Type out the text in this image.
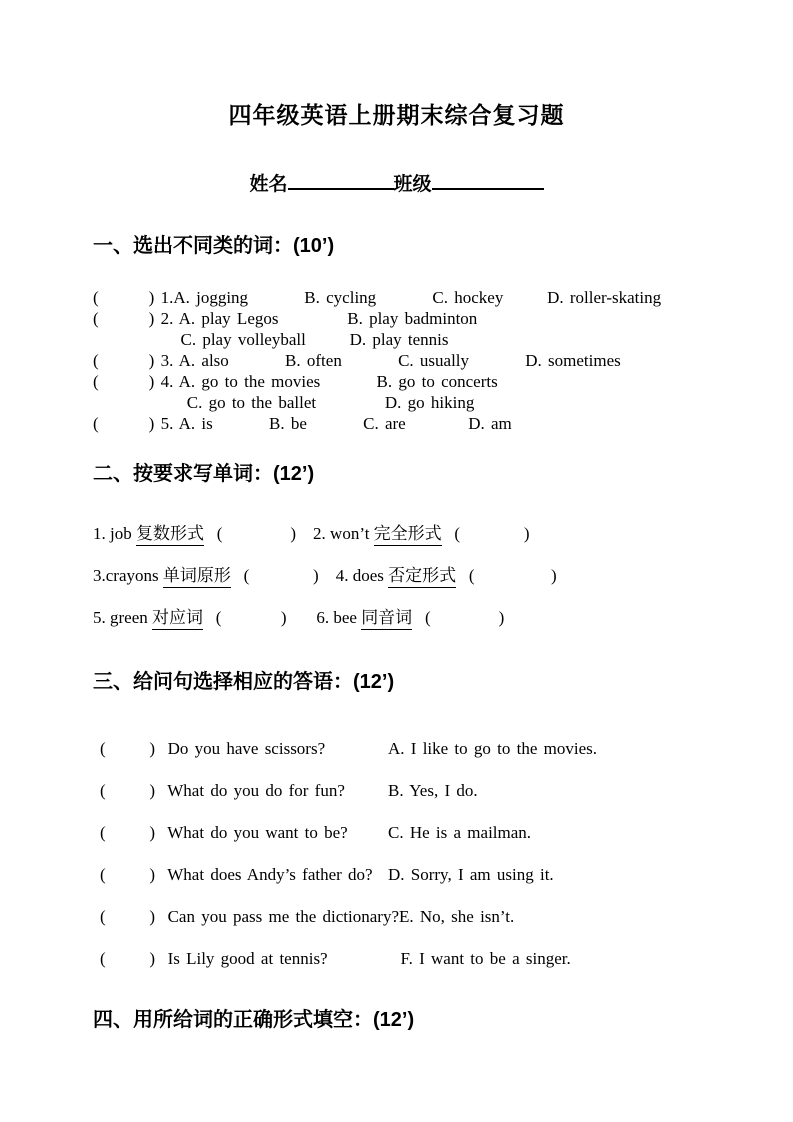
四年级英语上册期末综合复习题
姓名	班级
一、选出不同类的词：(10’)
(        ) 1.A. jogging         B. cycling         C. hockey       D. roller-skating
(        ) 2. A. play Legos           B. play badminton
C. play volleyball       D. play tennis
(        ) 3. A. also         B. often         C. usually         D. sometimes
(        ) 4. A. go to the movies         B. go to concerts
C. go to the ballet           D. go hiking
(        ) 5. A. is         B. be         C. are          D. am
二、按要求写单词：(12’)
1. job 复数形式   (                )    2. won’t 完全形式   (               )
3.crayons 单词原形   (               )    4. does 否定形式   (                  )
5. green 对应词   (              )       6. bee 同音词   (                )
三、给问句选择相应的答语：(12’)
(       )  Do you have scissors?	A. I like to go to the movies.
(       )  What do you do for fun?	B. Yes, I do.
(       )  What do you want to be? C. He is a mailman.
(       )  What does Andy’s father do? D. Sorry, I am using it.
(       )  Can you pass me the dictionary?E. No, she isn’t.
(       )  Is Lily good at tennis?	F. I want to be a singer.
四、用所给词的正确形式填空：(12’)
